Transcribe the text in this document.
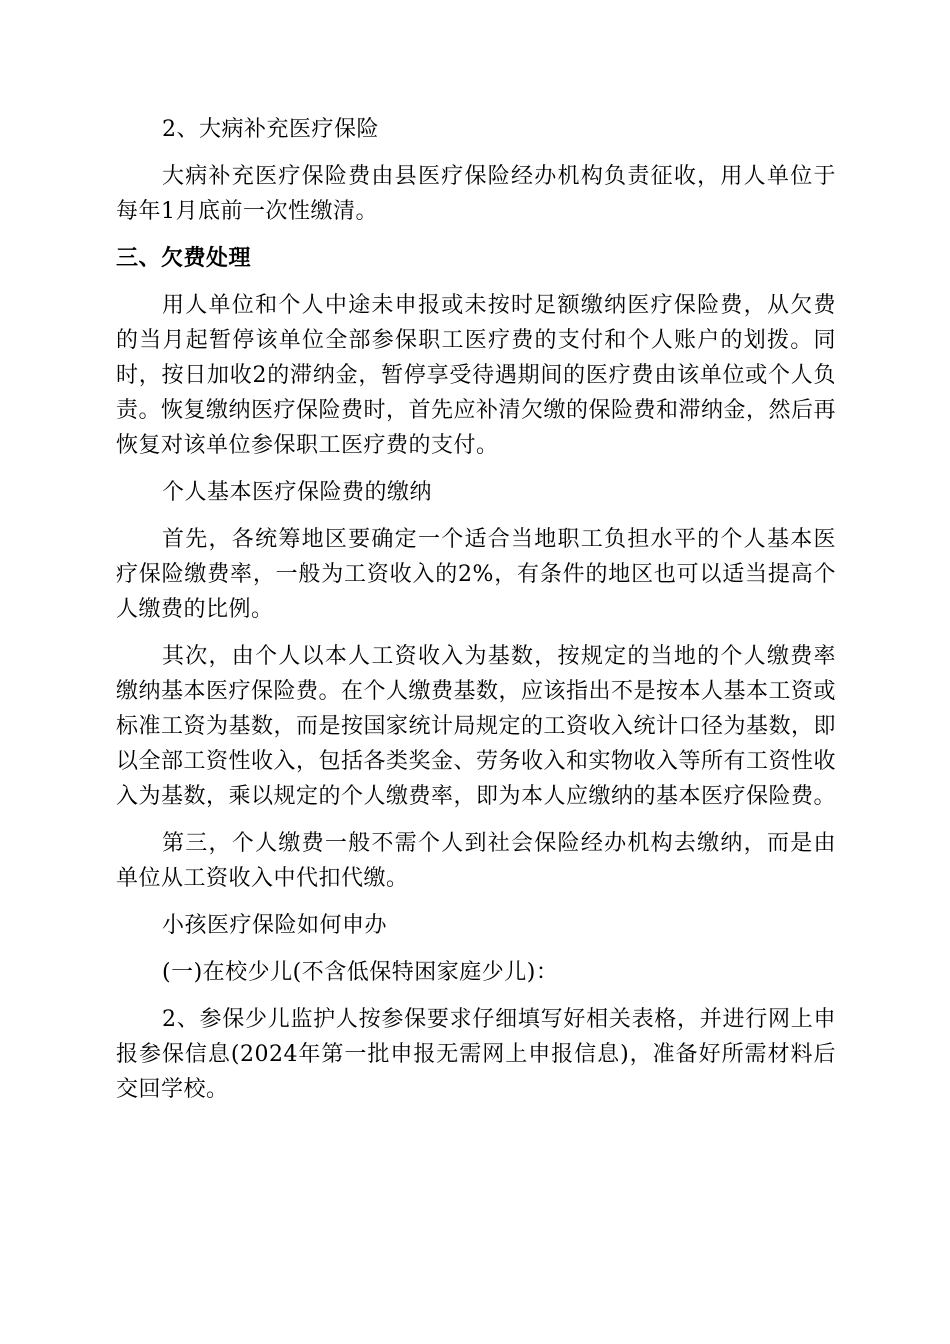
2、大病补充医疗保险

大病补充医疗保险费由县医疗保险经办机构负责征收，用人单位于每年1月底前一次性缴清。

三、欠费处理

用人单位和个人中途未申报或未按时足额缴纳医疗保险费，从欠费的当月起暂停该单位全部参保职工医疗费的支付和个人账户的划拨。同时，按日加收2的滞纳金，暂停享受待遇期间的医疗费由该单位或个人负责。恢复缴纳医疗保险费时，首先应补清欠缴的保险费和滞纳金，然后再恢复对该单位参保职工医疗费的支付。

个人基本医疗保险费的缴纳

首先，各统筹地区要确定一个适合当地职工负担水平的个人基本医疗保险缴费率，一般为工资收入的2%，有条件的地区也可以适当提高个人缴费的比例。

其次，由个人以本人工资收入为基数，按规定的当地的个人缴费率缴纳基本医疗保险费。在个人缴费基数，应该指出不是按本人基本工资或标准工资为基数，而是按国家统计局规定的工资收入统计口径为基数，即以全部工资性收入，包括各类奖金、劳务收入和实物收入等所有工资性收入为基数，乘以规定的个人缴费率，即为本人应缴纳的基本医疗保险费。

第三，个人缴费一般不需个人到社会保险经办机构去缴纳，而是由单位从工资收入中代扣代缴。

小孩医疗保险如何申办

(一)在校少儿(不含低保特困家庭少儿)：

2、参保少儿监护人按参保要求仔细填写好相关表格，并进行网上申报参保信息(2024年第一批申报无需网上申报信息)，准备好所需材料后交回学校。
